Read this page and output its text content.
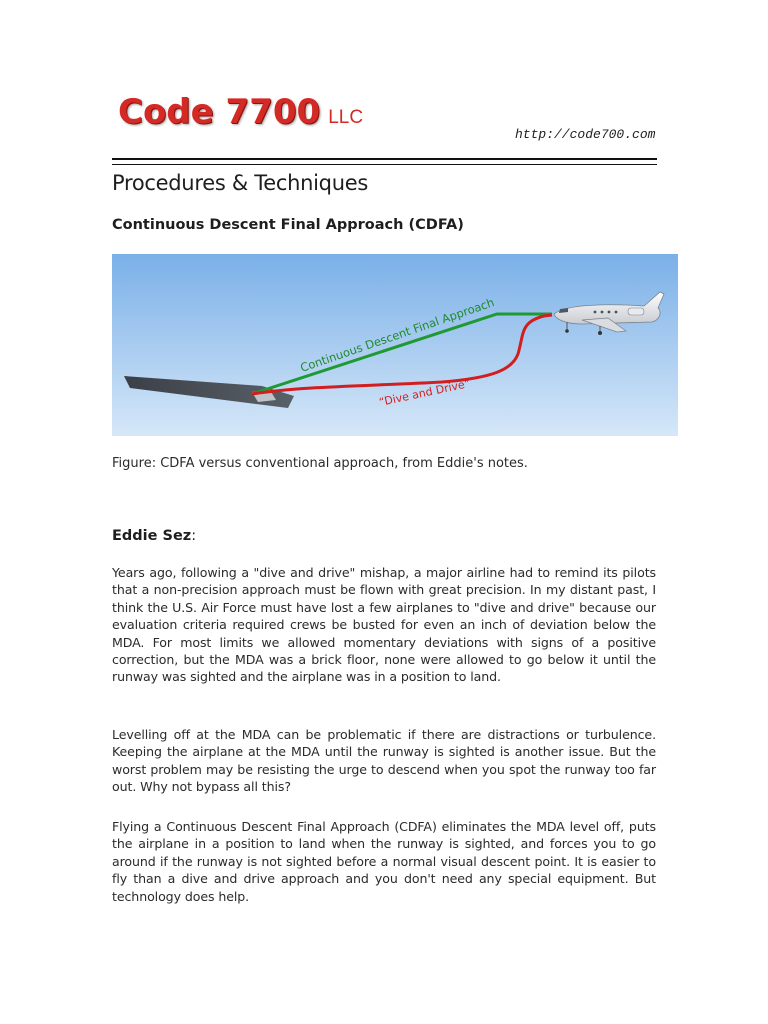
Code 7700 LLC
http://code700.com
Procedures & Techniques
Continuous Descent Final Approach (CDFA)
Continuous Descent Final Approach
“Dive and Drive”
Figure: CDFA versus conventional approach, from Eddie's notes.
Eddie Sez:

Years ago, following a "dive and drive" mishap, a major airline had to remind its pilots that a non-precision approach must be flown with great precision. In my distant past, I think the U.S. Air Force must have lost a few airplanes to "dive and drive" because our evaluation criteria required crews be busted for even an inch of deviation below the MDA. For most limits we allowed momentary deviations with signs of a positive correction, but the MDA was a brick floor, none were allowed to go below it until the runway was sighted and the airplane was in a position to land.

Levelling off at the MDA can be problematic if there are distractions or turbulence. Keeping the airplane at the MDA until the runway is sighted is another issue. But the worst problem may be resisting the urge to descend when you spot the runway too far out. Why not bypass all this?

Flying a Continuous Descent Final Approach (CDFA) eliminates the MDA level off, puts the airplane in a position to land when the runway is sighted, and forces you to go around if the runway is not sighted before a normal visual descent point. It is easier to fly than a dive and drive approach and you don't need any special equipment. But technology does help.
